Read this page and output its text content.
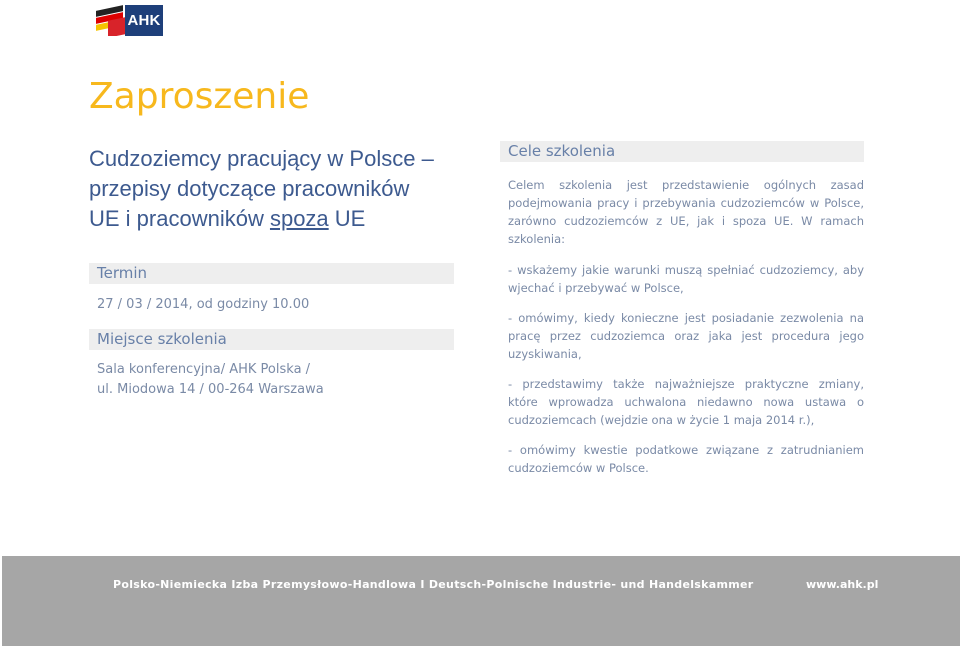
AHK
Zaproszenie
Cudzoziemcy pracujący w Polsce –
przepisy dotyczące pracowników
UE i pracowników spoza UE
Termin

27 / 03 / 2014, od godziny 10.00

Miejsce szkolenia

Sala konferencyjna/ AHK Polska /

ul. Miodowa 14 / 00-264 Warszawa

Cele szkolenia

Celem szkolenia jest przedstawienie ogólnych zasad podejmowania pracy i przebywania cudzoziemców w Polsce, zarówno cudzoziemców z UE, jak i spoza UE. W ramach szkolenia:

- wskażemy jakie warunki muszą spełniać cudzoziemcy, aby wjechać i przebywać w Polsce,
- omówimy, kiedy konieczne jest posiadanie zezwolenia na pracę przez cudzoziemca oraz jaka jest procedura jego uzyskiwania,
- przedstawimy także najważniejsze praktyczne zmiany, które wprowadza uchwalona niedawno nowa ustawa o cudzoziemcach (wejdzie ona w życie 1 maja 2014 r.),
- omówimy kwestie podatkowe związane z zatrudnianiem cudzoziemców w Polsce.
Polsko-Niemiecka Izba Przemysłowo-Handlowa I Deutsch-Polnische Industrie- und Handelskammer	www.ahk.pl
